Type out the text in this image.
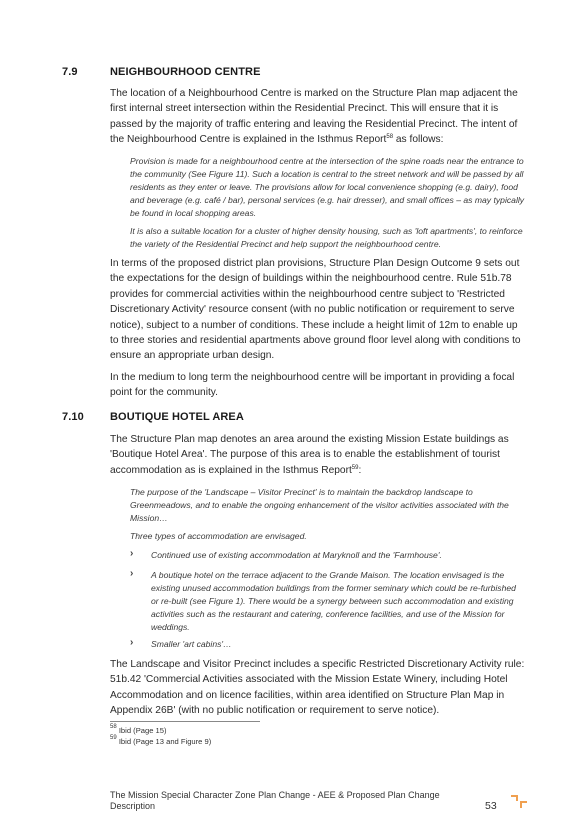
7.9	NEIGHBOURHOOD CENTRE
The location of a Neighbourhood Centre is marked on the Structure Plan map adjacent the first internal street intersection within the Residential Precinct. This will ensure that it is passed by the majority of traffic entering and leaving the Residential Precinct. The intent of the Neighbourhood Centre is explained in the Isthmus Report$^{58}$ as follows:
Provision is made for a neighbourhood centre at the intersection of the spine roads near the entrance to the community (See Figure 11). Such a location is central to the street network and will be passed by all residents as they enter or leave. The provisions allow for local convenience shopping (e.g. dairy), food and beverage (e.g. café / bar), personal services (e.g. hair dresser), and small offices – as may typically be found in local shopping areas.
It is also a suitable location for a cluster of higher density housing, such as 'loft apartments', to reinforce the variety of the Residential Precinct and help support the neighbourhood centre.
In terms of the proposed district plan provisions, Structure Plan Design Outcome 9 sets out the expectations for the design of buildings within the neighbourhood centre. Rule 51b.78 provides for commercial activities within the neighbourhood centre subject to 'Restricted Discretionary Activity' resource consent (with no public notification or requirement to serve notice), subject to a number of conditions. These include a height limit of 12m to enable up to three stories and residential apartments above ground floor level along with conditions to ensure an appropriate urban design.
In the medium to long term the neighbourhood centre will be important in providing a focal point for the community.
7.10 BOUTIQUE HOTEL AREA
The Structure Plan map denotes an area around the existing Mission Estate buildings as 'Boutique Hotel Area'. The purpose of this area is to enable the establishment of tourist accommodation as is explained in the Isthmus Report$^{59}$:
The purpose of the 'Landscape – Visitor Precinct' is to maintain the backdrop landscape to Greenmeadows, and to enable the ongoing enhancement of the visitor activities associated with the Mission…
Three types of accommodation are envisaged.
› Continued use of existing accommodation at Maryknoll and the 'Farmhouse'.
› A boutique hotel on the terrace adjacent to the Grande Maison. The location envisaged is the existing unused accommodation buildings from the former seminary which could be re-furbished or re-built (see Figure 1). There would be a synergy between such accommodation and existing activities such as the restaurant and catering, conference facilities, and use of the Mission for weddings.
› Smaller 'art cabins'…
The Landscape and Visitor Precinct includes a specific Restricted Discretionary Activity rule: 51b.42 'Commercial Activities associated with the Mission Estate Winery, including Hotel Accommodation and on licence facilities, within area identified on Structure Plan Map in Appendix 26B' (with no public notification or requirement to serve notice).
$^{58}$ Ibid (Page 15)
$^{59}$ Ibid (Page 13 and Figure 9)
The Mission Special Character Zone Plan Change - AEE & Proposed Plan Change
Description	53
